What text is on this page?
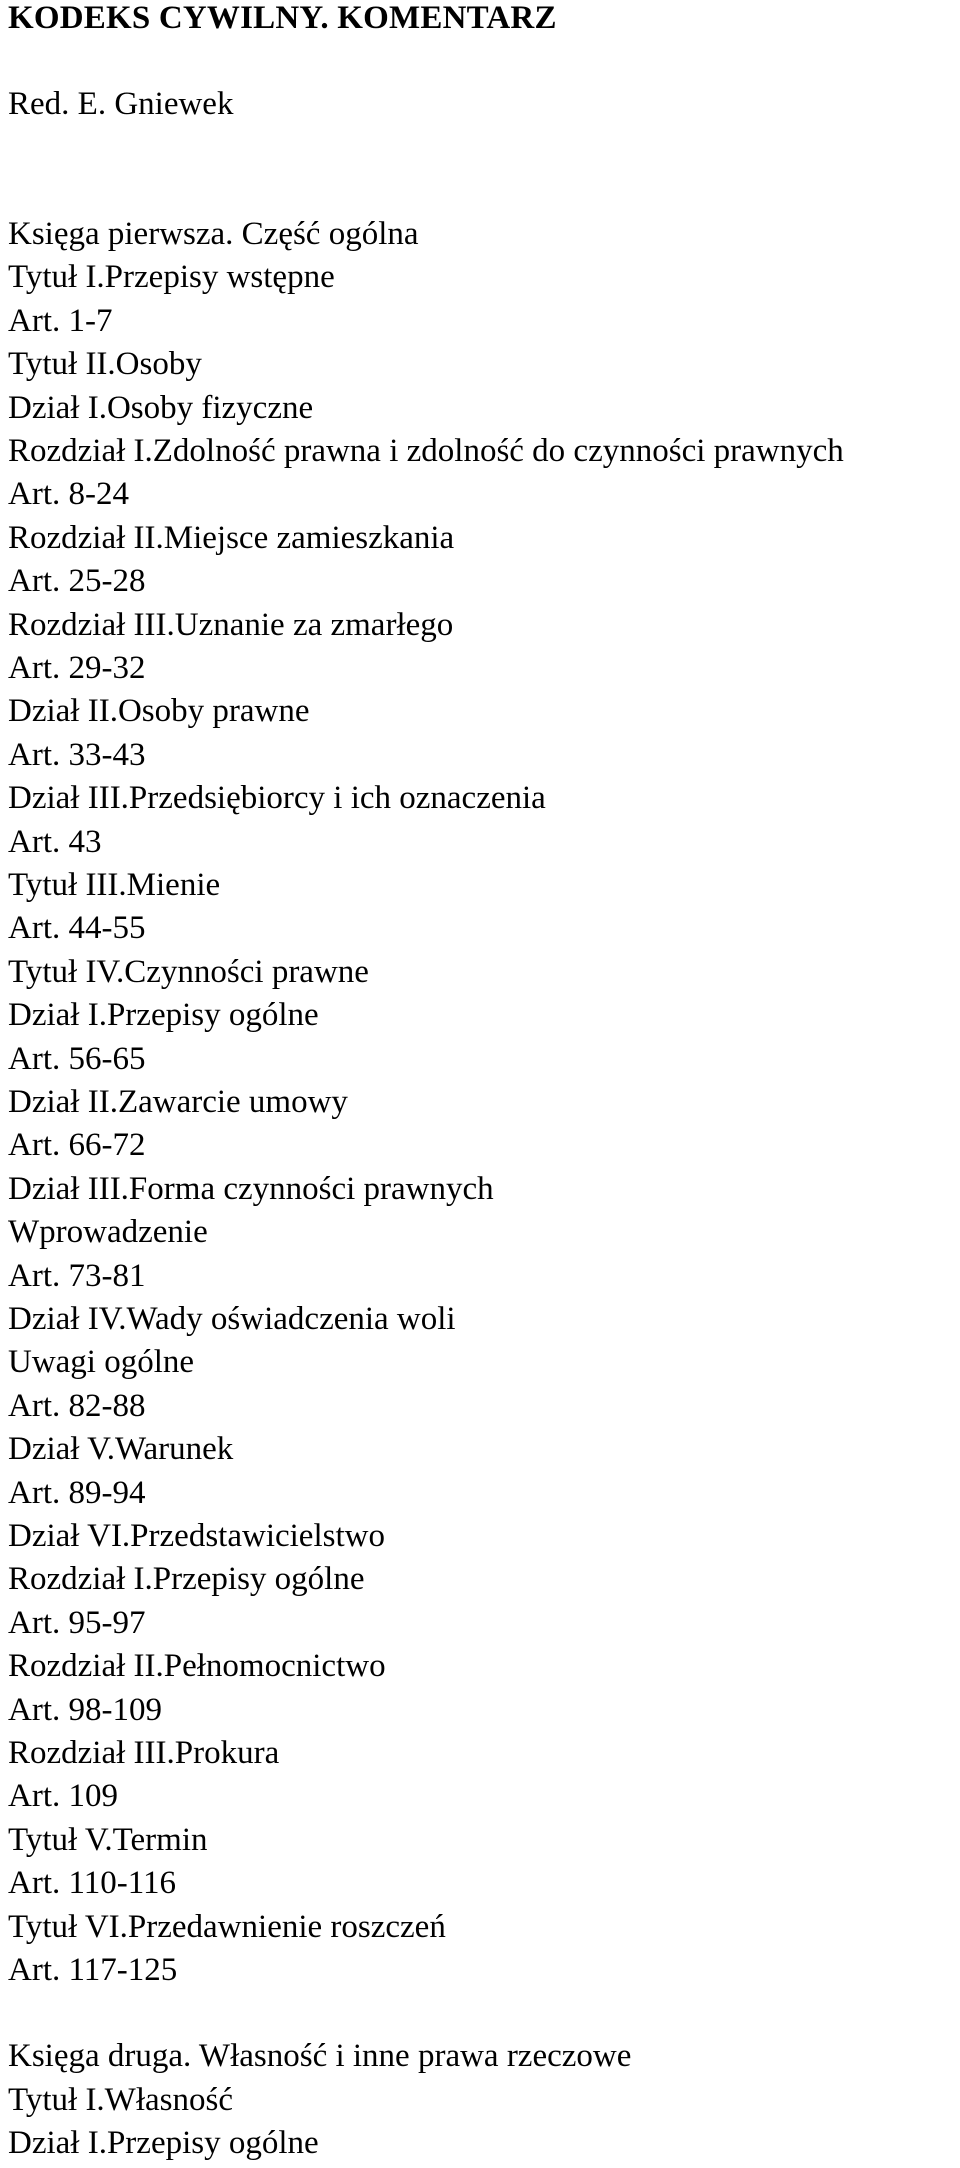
KODEKS CYWILNY. KOMENTARZ
Red. E. Gniewek
Księga pierwsza. Część ogólna
Tytuł I.Przepisy wstępne
Art. 1-7
Tytuł II.Osoby
Dział I.Osoby fizyczne
Rozdział I.Zdolność prawna i zdolność do czynności prawnych
Art. 8-24
Rozdział II.Miejsce zamieszkania
Art. 25-28
Rozdział III.Uznanie za zmarłego
Art. 29-32
Dział II.Osoby prawne
Art. 33-43
Dział III.Przedsiębiorcy i ich oznaczenia
Art. 43
Tytuł III.Mienie
Art. 44-55
Tytuł IV.Czynności prawne
Dział I.Przepisy ogólne
Art. 56-65
Dział II.Zawarcie umowy
Art. 66-72
Dział III.Forma czynności prawnych
Wprowadzenie
Art. 73-81
Dział IV.Wady oświadczenia woli
Uwagi ogólne
Art. 82-88
Dział V.Warunek
Art. 89-94
Dział VI.Przedstawicielstwo
Rozdział I.Przepisy ogólne
Art. 95-97
Rozdział II.Pełnomocnictwo
Art. 98-109
Rozdział III.Prokura
Art. 109
Tytuł V.Termin
Art. 110-116
Tytuł VI.Przedawnienie roszczeń
Art. 117-125
Księga druga. Własność i inne prawa rzeczowe
Tytuł I.Własność
Dział I.Przepisy ogólne
